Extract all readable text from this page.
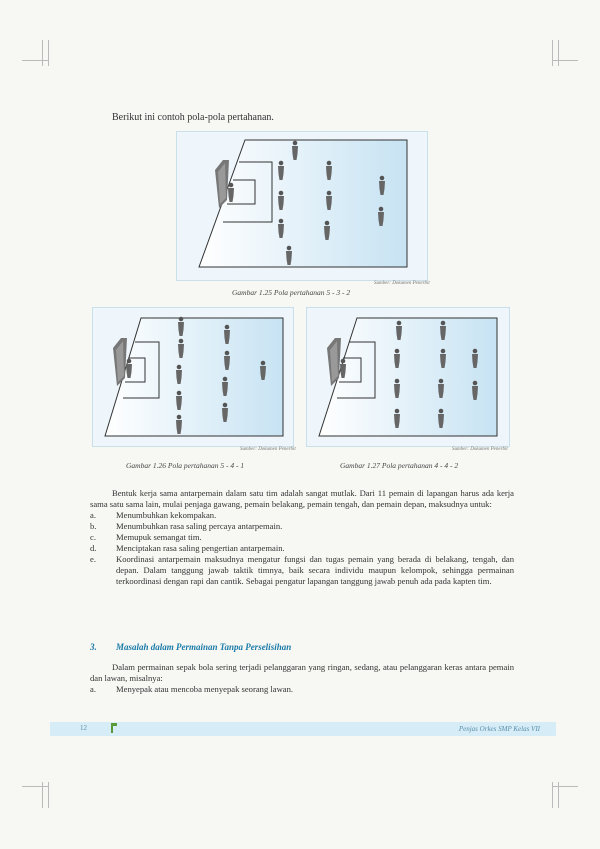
Berikut ini contoh pola-pola pertahanan.
Sumber: Dokumen Penerbit
Gambar 1.25 Pola pertahanan 5 - 3 - 2
Sumber: Dokumen Penerbit
Gambar 1.26 Pola pertahanan 5 - 4 - 1
Sumber: Dokumen Penerbit
Gambar 1.27 Pola pertahanan 4 - 4 - 2

Bentuk kerja sama antarpemain dalam satu tim adalah sangat mutlak. Dari 11 pemain di lapangan harus ada kerja sama satu sama lain, mulai penjaga gawang, pemain belakang, pemain tengah, dan pemain depan, maksudnya untuk:

a. Menumbuhkan kekompakan.
b. Menumbuhkan rasa saling percaya antarpemain.
c. Memupuk semangat tim.
d. Menciptakan rasa saling pengertian antarpemain.
e. Koordinasi antarpemain maksudnya mengatur fungsi dan tugas pemain yang berada di belakang, tengah, dan depan. Dalam tanggung jawab taktik timnya, baik secara individu maupun kelompok, sehingga permainan terkoordinasi dengan rapi dan cantik. Sebagai pengatur lapangan tanggung jawab penuh ada pada kapten tim.
3. Masalah dalam Permainan Tanpa Perselisihan

Dalam permainan sepak bola sering terjadi pelanggaran yang ringan, sedang, atau pelanggaran keras antara pemain dan lawan, misalnya:

a. Menyepak atau mencoba menyepak seorang lawan.
12	Penjas Orkes SMP Kelas VII
